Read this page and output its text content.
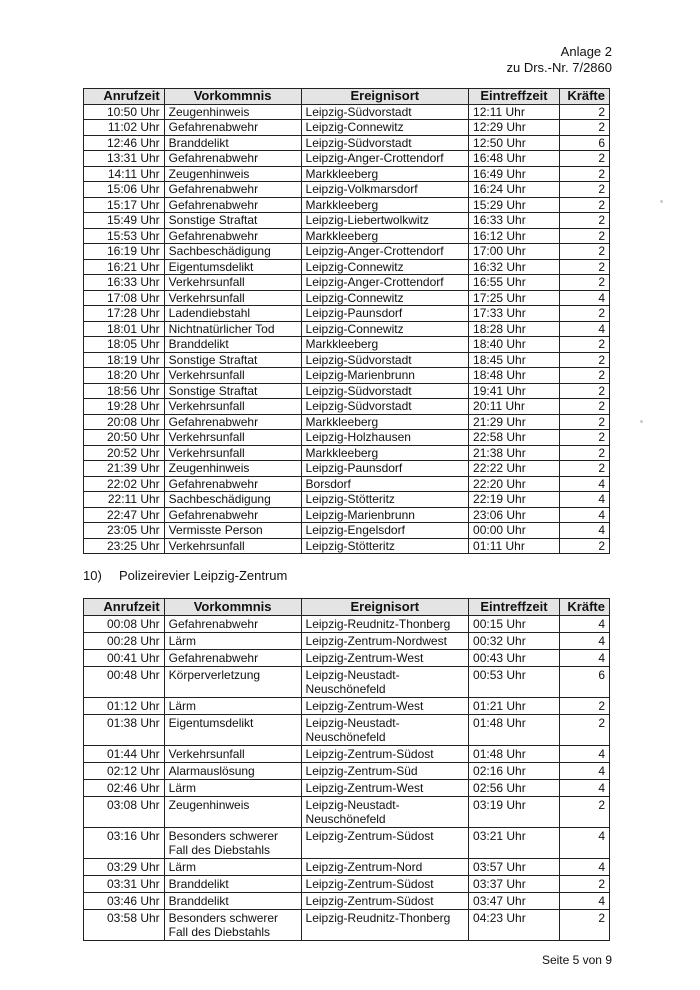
Anlage 2
zu Drs.-Nr. 7/2860
Anrufzeit	Vorkommnis	Ereignisort	Eintreffzeit	Kräfte
10:50 Uhr	Zeugenhinweis	Leipzig-Südvorstadt	12:11 Uhr	2
11:02 Uhr	Gefahrenabwehr	Leipzig-Connewitz	12:29 Uhr	2
12:46 Uhr	Branddelikt	Leipzig-Südvorstadt	12:50 Uhr	6
13:31 Uhr	Gefahrenabwehr	Leipzig-Anger-Crottendorf	16:48 Uhr	2
14:11 Uhr	Zeugenhinweis	Markkleeberg	16:49 Uhr	2
15:06 Uhr	Gefahrenabwehr	Leipzig-Volkmarsdorf	16:24 Uhr	2
15:17 Uhr	Gefahrenabwehr	Markkleeberg	15:29 Uhr	2
15:49 Uhr	Sonstige Straftat	Leipzig-Liebertwolkwitz	16:33 Uhr	2
15:53 Uhr	Gefahrenabwehr	Markkleeberg	16:12 Uhr	2
16:19 Uhr	Sachbeschädigung	Leipzig-Anger-Crottendorf	17:00 Uhr	2
16:21 Uhr	Eigentumsdelikt	Leipzig-Connewitz	16:32 Uhr	2
16:33 Uhr	Verkehrsunfall	Leipzig-Anger-Crottendorf	16:55 Uhr	2
17:08 Uhr	Verkehrsunfall	Leipzig-Connewitz	17:25 Uhr	4
17:28 Uhr	Ladendiebstahl	Leipzig-Paunsdorf	17:33 Uhr	2
18:01 Uhr	Nichtnatürlicher Tod	Leipzig-Connewitz	18:28 Uhr	4
18:05 Uhr	Branddelikt	Markkleeberg	18:40 Uhr	2
18:19 Uhr	Sonstige Straftat	Leipzig-Südvorstadt	18:45 Uhr	2
18:20 Uhr	Verkehrsunfall	Leipzig-Marienbrunn	18:48 Uhr	2
18:56 Uhr	Sonstige Straftat	Leipzig-Südvorstadt	19:41 Uhr	2
19:28 Uhr	Verkehrsunfall	Leipzig-Südvorstadt	20:11 Uhr	2
20:08 Uhr	Gefahrenabwehr	Markkleeberg	21:29 Uhr	2
20:50 Uhr	Verkehrsunfall	Leipzig-Holzhausen	22:58 Uhr	2
20:52 Uhr	Verkehrsunfall	Markkleeberg	21:38 Uhr	2
21:39 Uhr	Zeugenhinweis	Leipzig-Paunsdorf	22:22 Uhr	2
22:02 Uhr	Gefahrenabwehr	Borsdorf	22:20 Uhr	4
22:11 Uhr	Sachbeschädigung	Leipzig-Stötteritz	22:19 Uhr	4
22:47 Uhr	Gefahrenabwehr	Leipzig-Marienbrunn	23:06 Uhr	4
23:05 Uhr	Vermisste Person	Leipzig-Engelsdorf	00:00 Uhr	4
23:25 Uhr	Verkehrsunfall	Leipzig-Stötteritz	01:11 Uhr	2
10) Polizeirevier Leipzig-Zentrum
Anrufzeit	Vorkommnis	Ereignisort	Eintreffzeit	Kräfte
00:08 Uhr	Gefahrenabwehr	Leipzig-Reudnitz-Thonberg	00:15 Uhr	4
00:28 Uhr	Lärm	Leipzig-Zentrum-Nordwest	00:32 Uhr	4
00:41 Uhr	Gefahrenabwehr	Leipzig-Zentrum-West	00:43 Uhr	4
00:48 Uhr	Körperverletzung	Leipzig-Neustadt-Neuschönefeld	00:53 Uhr	6
01:12 Uhr	Lärm	Leipzig-Zentrum-West	01:21 Uhr	2
01:38 Uhr	Eigentumsdelikt	Leipzig-Neustadt-Neuschönefeld	01:48 Uhr	2
01:44 Uhr	Verkehrsunfall	Leipzig-Zentrum-Südost	01:48 Uhr	4
02:12 Uhr	Alarmauslösung	Leipzig-Zentrum-Süd	02:16 Uhr	4
02:46 Uhr	Lärm	Leipzig-Zentrum-West	02:56 Uhr	4
03:08 Uhr	Zeugenhinweis	Leipzig-Neustadt-Neuschönefeld	03:19 Uhr	2
03:16 Uhr	Besonders schwerer Fall des Diebstahls	Leipzig-Zentrum-Südost	03:21 Uhr	4
03:29 Uhr	Lärm	Leipzig-Zentrum-Nord	03:57 Uhr	4
03:31 Uhr	Branddelikt	Leipzig-Zentrum-Südost	03:37 Uhr	2
03:46 Uhr	Branddelikt	Leipzig-Zentrum-Südost	03:47 Uhr	4
03:58 Uhr	Besonders schwerer Fall des Diebstahls	Leipzig-Reudnitz-Thonberg	04:23 Uhr	2
Seite 5 von 9
